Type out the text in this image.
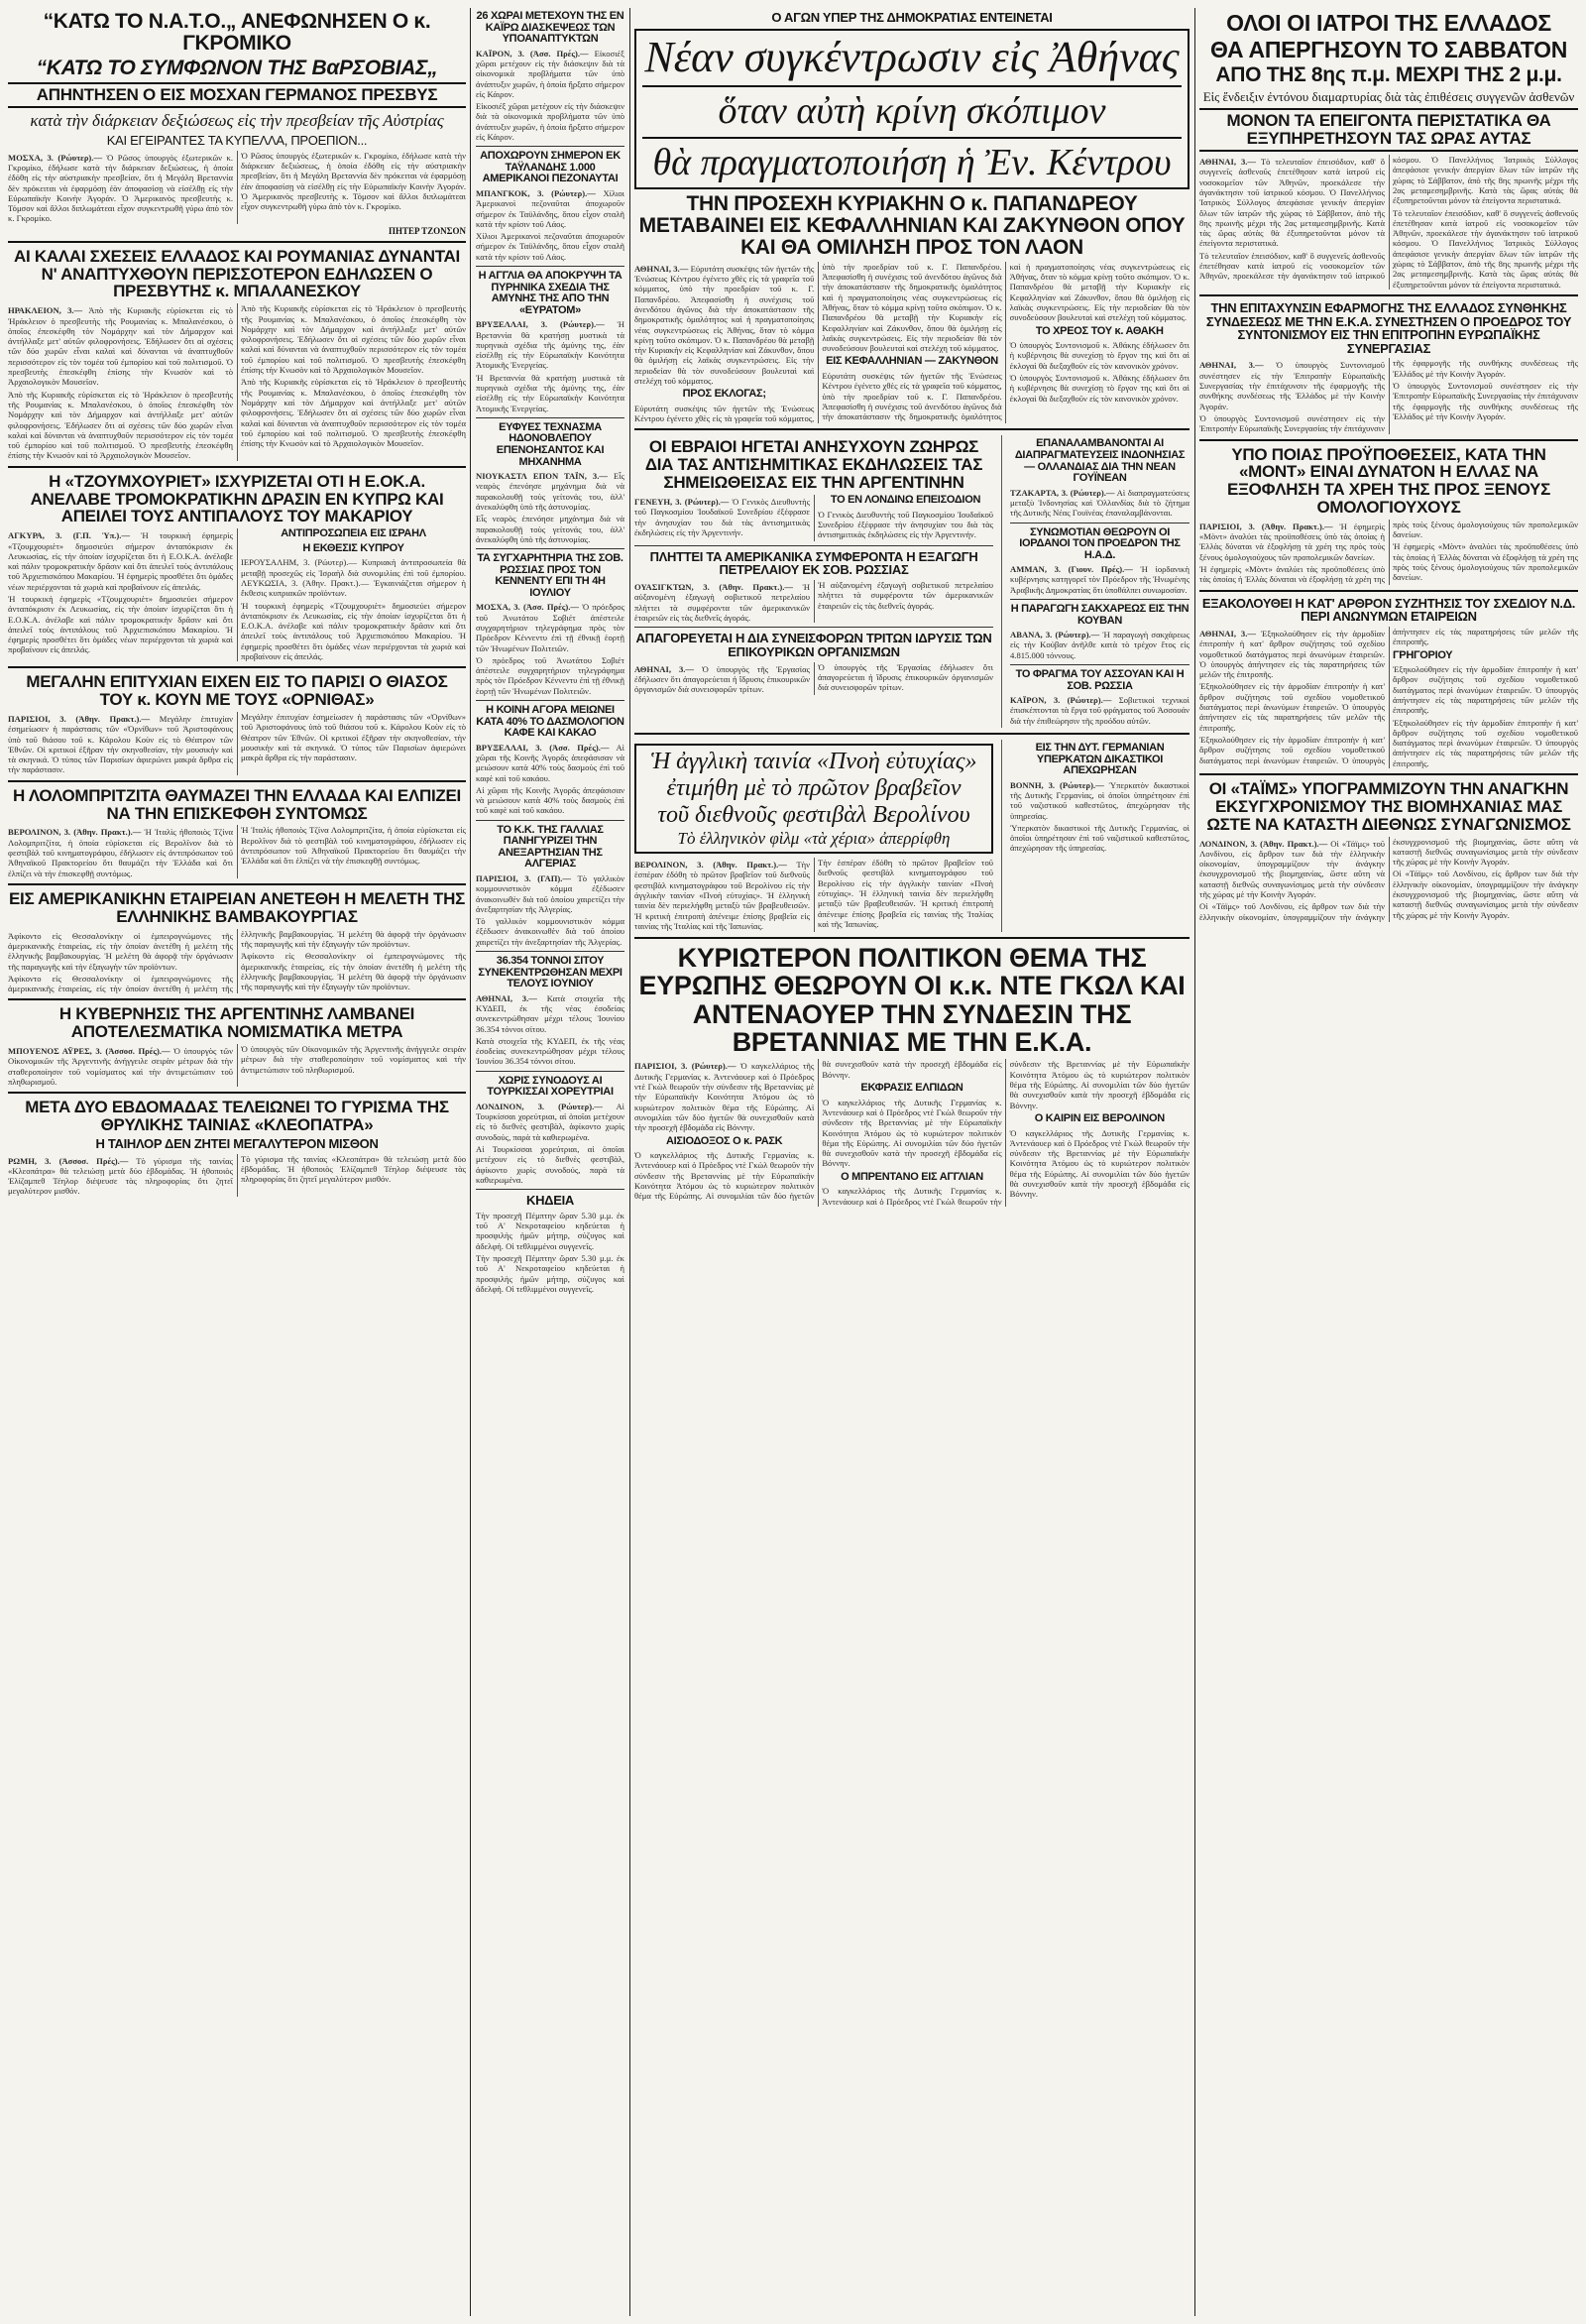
“ΚΑΤΩ ΤΟ Ν.Α.Τ.Ο.„ ΑΝΕΦΩΝΗΣΕΝ Ο κ. ΓΚΡΟΜΙΚΟ
“ΚΑΤΩ ΤΟ ΣΥΜΦΩΝΟΝ ΤΗΣ ΒαΡΣΟΒΙΑΣ„
ΑΠΗΝΤΗΣΕΝ Ο ΕΙΣ ΜΟΣΧΑΝ ΓΕΡΜΑΝΟΣ ΠΡΕΣΒΥΣ
κατὰ τὴν διάρκειαν δεξιώσεως εἰς τὴν πρεσβείαν τῆς Αὐστρίας
ΚΑΙ ΕΓΕΙΡΑΝΤΕΣ ΤΑ ΚΥΠΕΛΛΑ, ΠΡΟΕΠΙΟΝ...

ΜΟΣΧΑ, 3. (Ρώυτερ).— Ὁ Ρῶσος ὑπουργὸς ἐξωτερικῶν κ. Γκρομίκο, ἐδήλωσε κατὰ τὴν διάρκειαν δεξιώσεως, ἡ ὁποία ἐδόθη εἰς τὴν αὐστριακὴν πρεσβείαν, ὅτι ἡ Μεγάλη Βρεταννία δὲν πρόκειται νὰ ἐφαρμόσῃ ἐὰν ἀποφασίσῃ νὰ εἰσέλθῃ εἰς τὴν Εὐρωπαϊκὴν Κοινὴν Ἀγοράν. Ὁ Ἀμερικανὸς πρεσβευτὴς κ. Τόμσον καὶ ἄλλοι διπλωμάτεαι εἶχον συγκεντρωθῆ γύρω ἀπὸ τὸν κ. Γκρομίκο.

Ὁ Ρῶσος ὑπουργὸς ἐξωτερικῶν κ. Γκρομίκο, ἐδήλωσε κατὰ τὴν διάρκειαν δεξιώσεως, ἡ ὁποία ἐδόθη εἰς τὴν αὐστριακὴν πρεσβείαν, ὅτι ἡ Μεγάλη Βρεταννία δὲν πρόκειται νὰ ἐφαρμόσῃ ἐὰν ἀποφασίσῃ νὰ εἰσέλθῃ εἰς τὴν Εὐρωπαϊκὴν Κοινὴν Ἀγοράν. Ὁ Ἀμερικανὸς πρεσβευτὴς κ. Τόμσον καὶ ἄλλοι διπλωμάτεαι εἶχον συγκεντρωθῆ γύρω ἀπὸ τὸν κ. Γκρομίκο.

ΠΗΤΕΡ ΤΖΟΝΣΟΝ
ΑΙ ΚΑΛΑΙ ΣΧΕΣΕΙΣ ΕΛΛΑΔΟΣ ΚΑΙ ΡΟΥΜΑΝΙΑΣ ΔΥΝΑΝΤΑΙ Ν' ΑΝΑΠΤΥΧΘΟΥΝ ΠΕΡΙΣΣΟΤΕΡΟΝ ΕΔΗΛΩΣΕΝ Ο ΠΡΕΣΒΥΤΗΣ κ. ΜΠΑΛΑΝΕΣΚΟΥ

ΗΡΑΚΛΕΙΟΝ, 3.— Ἀπὸ τῆς Κυριακῆς εὑρίσκεται εἰς τὸ Ἡράκλειον ὁ πρεσβευτὴς τῆς Ρουμανίας κ. Μπαλανέσκου, ὁ ὁποῖος ἐπεσκέφθη τὸν Νομάρχην καὶ τὸν Δήμαρχον καὶ ἀντήλλαξε μετ' αὐτῶν φιλοφρονήσεις. Ἐδήλωσεν ὅτι αἱ σχέσεις τῶν δύο χωρῶν εἶναι καλαὶ καὶ δύνανται νὰ ἀναπτυχθοῦν περισσότερον εἰς τὸν τομέα τοῦ ἐμπορίου καὶ τοῦ πολιτισμοῦ. Ὁ πρεσβευτὴς ἐπεσκέφθη ἐπίσης τὴν Κνωσὸν καὶ τὸ Ἀρχαιολογικὸν Μουσεῖον.

Ἀπὸ τῆς Κυριακῆς εὑρίσκεται εἰς τὸ Ἡράκλειον ὁ πρεσβευτὴς τῆς Ρουμανίας κ. Μπαλανέσκου, ὁ ὁποῖος ἐπεσκέφθη τὸν Νομάρχην καὶ τὸν Δήμαρχον καὶ ἀντήλλαξε μετ' αὐτῶν φιλοφρονήσεις. Ἐδήλωσεν ὅτι αἱ σχέσεις τῶν δύο χωρῶν εἶναι καλαὶ καὶ δύνανται νὰ ἀναπτυχθοῦν περισσότερον εἰς τὸν τομέα τοῦ ἐμπορίου καὶ τοῦ πολιτισμοῦ. Ὁ πρεσβευτὴς ἐπεσκέφθη ἐπίσης τὴν Κνωσὸν καὶ τὸ Ἀρχαιολογικὸν Μουσεῖον.

Ἀπὸ τῆς Κυριακῆς εὑρίσκεται εἰς τὸ Ἡράκλειον ὁ πρεσβευτὴς τῆς Ρουμανίας κ. Μπαλανέσκου, ὁ ὁποῖος ἐπεσκέφθη τὸν Νομάρχην καὶ τὸν Δήμαρχον καὶ ἀντήλλαξε μετ' αὐτῶν φιλοφρονήσεις. Ἐδήλωσεν ὅτι αἱ σχέσεις τῶν δύο χωρῶν εἶναι καλαὶ καὶ δύνανται νὰ ἀναπτυχθοῦν περισσότερον εἰς τὸν τομέα τοῦ ἐμπορίου καὶ τοῦ πολιτισμοῦ. Ὁ πρεσβευτὴς ἐπεσκέφθη ἐπίσης τὴν Κνωσὸν καὶ τὸ Ἀρχαιολογικὸν Μουσεῖον.

Ἀπὸ τῆς Κυριακῆς εὑρίσκεται εἰς τὸ Ἡράκλειον ὁ πρεσβευτὴς τῆς Ρουμανίας κ. Μπαλανέσκου, ὁ ὁποῖος ἐπεσκέφθη τὸν Νομάρχην καὶ τὸν Δήμαρχον καὶ ἀντήλλαξε μετ' αὐτῶν φιλοφρονήσεις. Ἐδήλωσεν ὅτι αἱ σχέσεις τῶν δύο χωρῶν εἶναι καλαὶ καὶ δύνανται νὰ ἀναπτυχθοῦν περισσότερον εἰς τὸν τομέα τοῦ ἐμπορίου καὶ τοῦ πολιτισμοῦ. Ὁ πρεσβευτὴς ἐπεσκέφθη ἐπίσης τὴν Κνωσὸν καὶ τὸ Ἀρχαιολογικὸν Μουσεῖον.

Η «ΤΖΟΥΜΧΟΥΡΙΕΤ» ΙΣΧΥΡΙΖΕΤΑΙ ΟΤΙ Η Ε.ΟΚ.Α. ΑΝΕΛΑΒΕ ΤΡΟΜΟΚΡΑΤΙΚΗΝ ΔΡΑΣΙΝ ΕΝ ΚΥΠΡΩ ΚΑΙ ΑΠΕΙΛΕΙ ΤΟΥΣ ΑΝΤΙΠΑΛΟΥΣ ΤΟΥ ΜΑΚΑΡΙΟΥ

ΑΓΚΥΡΑ, 3. (Γ.Π. Ὑπ.).— Ἡ τουρκικὴ ἐφημερὶς «Τζουμχουριὲτ» δημοσιεύει σήμερον ἀνταπόκρισιν ἐκ Λευκωσίας, εἰς τὴν ὁποίαν ἰσχυρίζεται ὅτι ἡ Ε.Ο.Κ.Α. ἀνέλαβε καὶ πάλιν τρομοκρατικὴν δρᾶσιν καὶ ὅτι ἀπειλεῖ τοὺς ἀντιπάλους τοῦ Ἀρχιεπισκόπου Μακαρίου. Ἡ ἐφημερὶς προσθέτει ὅτι ὁμάδες νέων περιέρχονται τὰ χωριὰ καὶ προβαίνουν εἰς ἀπειλάς.

Ἡ τουρκικὴ ἐφημερὶς «Τζουμχουριὲτ» δημοσιεύει σήμερον ἀνταπόκρισιν ἐκ Λευκωσίας, εἰς τὴν ὁποίαν ἰσχυρίζεται ὅτι ἡ Ε.Ο.Κ.Α. ἀνέλαβε καὶ πάλιν τρομοκρατικὴν δρᾶσιν καὶ ὅτι ἀπειλεῖ τοὺς ἀντιπάλους τοῦ Ἀρχιεπισκόπου Μακαρίου. Ἡ ἐφημερὶς προσθέτει ὅτι ὁμάδες νέων περιέρχονται τὰ χωριὰ καὶ προβαίνουν εἰς ἀπειλάς.

ΑΝΤΙΠΡΟΣΩΠΕΙΑ ΕΙΣ ΙΣΡΑΗΛ
Η ΕΚΘΕΣΙΣ ΚΥΠΡΟΥ

ΙΕΡΟΥΣΑΛΗΜ, 3. (Ρώυτερ).— Κυπριακὴ ἀντιπροσωπεία θὰ μεταβῇ προσεχῶς εἰς Ἰσραὴλ διὰ συνομιλίας ἐπὶ τοῦ ἐμπορίου. ΛΕΥΚΩΣΙΑ, 3. (Ἀθην. Πρακτ.).— Ἐγκαινιάζεται σήμερον ἡ ἔκθεσις κυπριακῶν προϊόντων.

Ἡ τουρκικὴ ἐφημερὶς «Τζουμχουριὲτ» δημοσιεύει σήμερον ἀνταπόκρισιν ἐκ Λευκωσίας, εἰς τὴν ὁποίαν ἰσχυρίζεται ὅτι ἡ Ε.Ο.Κ.Α. ἀνέλαβε καὶ πάλιν τρομοκρατικὴν δρᾶσιν καὶ ὅτι ἀπειλεῖ τοὺς ἀντιπάλους τοῦ Ἀρχιεπισκόπου Μακαρίου. Ἡ ἐφημερὶς προσθέτει ὅτι ὁμάδες νέων περιέρχονται τὰ χωριὰ καὶ προβαίνουν εἰς ἀπειλάς.

ΜΕΓΑΛΗΝ ΕΠΙΤΥΧΙΑΝ ΕΙΧΕΝ ΕΙΣ ΤΟ ΠΑΡΙΣΙ Ο ΘΙΑΣΟΣ ΤΟΥ κ. ΚΟΥΝ ΜΕ ΤΟΥΣ «ΟΡΝΙΘΑΣ»

ΠΑΡΙΣΙΟΙ, 3. (Ἀθην. Πρακτ.).— Μεγάλην ἐπιτυχίαν ἐσημείωσεν ἡ παράστασις τῶν «Ὀρνίθων» τοῦ Ἀριστοφάνους ὑπὸ τοῦ θιάσου τοῦ κ. Κάρολου Κοὺν εἰς τὸ Θέατρον τῶν Ἐθνῶν. Οἱ κριτικοὶ ἐξῆραν τὴν σκηνοθεσίαν, τὴν μουσικὴν καὶ τὰ σκηνικά. Ὁ τύπος τῶν Παρισίων ἀφιερώνει μακρὰ ἄρθρα εἰς τὴν παράστασιν.

Μεγάλην ἐπιτυχίαν ἐσημείωσεν ἡ παράστασις τῶν «Ὀρνίθων» τοῦ Ἀριστοφάνους ὑπὸ τοῦ θιάσου τοῦ κ. Κάρολου Κοὺν εἰς τὸ Θέατρον τῶν Ἐθνῶν. Οἱ κριτικοὶ ἐξῆραν τὴν σκηνοθεσίαν, τὴν μουσικὴν καὶ τὰ σκηνικά. Ὁ τύπος τῶν Παρισίων ἀφιερώνει μακρὰ ἄρθρα εἰς τὴν παράστασιν.

Η ΛΟΛΟΜΠΡΙΤΖΙΤΑ ΘΑΥΜΑΖΕΙ ΤΗΝ ΕΛΛΑΔΑ ΚΑΙ ΕΛΠΙΖΕΙ ΝΑ ΤΗΝ ΕΠΙΣΚΕΦΘΗ ΣΥΝΤΟΜΩΣ

ΒΕΡΟΛΙΝΟΝ, 3. (Ἀθην. Πρακτ.).— Ἡ Ἰταλὶς ἠθοποιὸς Τζίνα Λολομπριτζίτα, ἡ ὁποία εὑρίσκεται εἰς Βερολῖνον διὰ τὸ φεστιβὰλ τοῦ κινηματογράφου, ἐδήλωσεν εἰς ἀντιπρόσωπον τοῦ Ἀθηναϊκοῦ Πρακτορείου ὅτι θαυμάζει τὴν Ἑλλάδα καὶ ὅτι ἐλπίζει νὰ τὴν ἐπισκεφθῇ συντόμως.

Ἡ Ἰταλὶς ἠθοποιὸς Τζίνα Λολομπριτζίτα, ἡ ὁποία εὑρίσκεται εἰς Βερολῖνον διὰ τὸ φεστιβὰλ τοῦ κινηματογράφου, ἐδήλωσεν εἰς ἀντιπρόσωπον τοῦ Ἀθηναϊκοῦ Πρακτορείου ὅτι θαυμάζει τὴν Ἑλλάδα καὶ ὅτι ἐλπίζει νὰ τὴν ἐπισκεφθῇ συντόμως.

ΕΙΣ ΑΜΕΡΙΚΑΝΙΚΗΝ ΕΤΑΙΡΕΙΑΝ ΑΝΕΤΕΘΗ Η ΜΕΛΕΤΗ ΤΗΣ ΕΛΛΗΝΙΚΗΣ ΒΑΜΒΑΚΟΥΡΓΙΑΣ

Ἀφίκοντο εἰς Θεσσαλονίκην οἱ ἐμπειρογνώμονες τῆς ἀμερικανικῆς ἑταιρείας, εἰς τὴν ὁποίαν ἀνετέθη ἡ μελέτη τῆς ἑλληνικῆς βαμβακουργίας. Ἡ μελέτη θὰ ἀφορᾷ τὴν ὀργάνωσιν τῆς παραγωγῆς καὶ τὴν ἐξαγωγὴν τῶν προϊόντων.

Ἀφίκοντο εἰς Θεσσαλονίκην οἱ ἐμπειρογνώμονες τῆς ἀμερικανικῆς ἑταιρείας, εἰς τὴν ὁποίαν ἀνετέθη ἡ μελέτη τῆς ἑλληνικῆς βαμβακουργίας. Ἡ μελέτη θὰ ἀφορᾷ τὴν ὀργάνωσιν τῆς παραγωγῆς καὶ τὴν ἐξαγωγὴν τῶν προϊόντων.

Ἀφίκοντο εἰς Θεσσαλονίκην οἱ ἐμπειρογνώμονες τῆς ἀμερικανικῆς ἑταιρείας, εἰς τὴν ὁποίαν ἀνετέθη ἡ μελέτη τῆς ἑλληνικῆς βαμβακουργίας. Ἡ μελέτη θὰ ἀφορᾷ τὴν ὀργάνωσιν τῆς παραγωγῆς καὶ τὴν ἐξαγωγὴν τῶν προϊόντων.

Η ΚΥΒΕΡΝΗΣΙΣ ΤΗΣ ΑΡΓΕΝΤΙΝΗΣ ΛΑΜΒΑΝΕΙ ΑΠΟΤΕΛΕΣΜΑΤΙΚΑ ΝΟΜΙΣΜΑΤΙΚΑ ΜΕΤΡΑ

ΜΠΟΥΕΝΟΣ ΑΫΡΕΣ, 3. (Ἀσσοσ. Πρές).— Ὁ ὑπουργὸς τῶν Οἰκονομικῶν τῆς Ἀργεντινῆς ἀνήγγειλε σειρὰν μέτρων διὰ τὴν σταθεροποίησιν τοῦ νομίσματος καὶ τὴν ἀντιμετώπισιν τοῦ πληθωρισμοῦ.

Ὁ ὑπουργὸς τῶν Οἰκονομικῶν τῆς Ἀργεντινῆς ἀνήγγειλε σειρὰν μέτρων διὰ τὴν σταθεροποίησιν τοῦ νομίσματος καὶ τὴν ἀντιμετώπισιν τοῦ πληθωρισμοῦ.

ΜΕΤΑ ΔΥΟ ΕΒΔΟΜΑΔΑΣ ΤΕΛΕΙΩΝΕΙ ΤΟ ΓΥΡΙΣΜΑ ΤΗΣ ΘΡΥΛΙΚΗΣ ΤΑΙΝΙΑΣ «ΚΛΕΟΠΑΤΡΑ»
Η ΤΑΙΗΛΟΡ ΔΕΝ ΖΗΤΕΙ ΜΕΓΑΛΥΤΕΡΟΝ ΜΙΣΘΟΝ

ΡΩΜΗ, 3. (Ἀσσοσ. Πρές).— Τὸ γύρισμα τῆς ταινίας «Κλεοπάτρα» θὰ τελειώσῃ μετὰ δύο ἑβδομάδας. Ἡ ἠθοποιὸς Ἐλίζαμπεθ Τέηλορ διέψευσε τὰς πληροφορίας ὅτι ζητεῖ μεγαλύτερον μισθόν.

Τὸ γύρισμα τῆς ταινίας «Κλεοπάτρα» θὰ τελειώσῃ μετὰ δύο ἑβδομάδας. Ἡ ἠθοποιὸς Ἐλίζαμπεθ Τέηλορ διέψευσε τὰς πληροφορίας ὅτι ζητεῖ μεγαλύτερον μισθόν.

26 ΧΩΡΑΙ ΜΕΤΕΧΟΥΝ ΤΗΣ ΕΝ ΚΑΪΡΩ ΔΙΑΣΚΕΨΕΩΣ ΤΩΝ ΥΠΟΑΝΑΠΤΥΚΤΩΝ

ΚΑΪΡΟΝ, 3. (Ἀσσ. Πρές).— Εἰκοσιέξ χῶραι μετέχουν εἰς τὴν διάσκεψιν διὰ τὰ οἰκονομικὰ προβλήματα τῶν ὑπὸ ἀνάπτυξιν χωρῶν, ἡ ὁποία ἤρξατο σήμερον εἰς Κάιρον.

Εἰκοσιέξ χῶραι μετέχουν εἰς τὴν διάσκεψιν διὰ τὰ οἰκονομικὰ προβλήματα τῶν ὑπὸ ἀνάπτυξιν χωρῶν, ἡ ὁποία ἤρξατο σήμερον εἰς Κάιρον.

ΑΠΟΧΩΡΟΥΝ ΣΗΜΕΡΟΝ ΕΚ ΤΑΫΛΑΝΔΗΣ 1.000 ΑΜΕΡΙΚΑΝΟΙ ΠΕΖΟΝΑΥΤΑΙ

ΜΠΑΝΓΚΟΚ, 3. (Ρώυτερ).— Χίλιοι Ἀμερικανοὶ πεζοναῦται ἀποχωροῦν σήμερον ἐκ Ταϋλάνδης, ὅπου εἶχον σταλῆ κατὰ τὴν κρίσιν τοῦ Λάος.

Χίλιοι Ἀμερικανοὶ πεζοναῦται ἀποχωροῦν σήμερον ἐκ Ταϋλάνδης, ὅπου εἶχον σταλῆ κατὰ τὴν κρίσιν τοῦ Λάος.

Η ΑΓΓΛΙΑ ΘΑ ΑΠΟΚΡΥΨΗ ΤΑ ΠΥΡΗΝΙΚΑ ΣΧΕΔΙΑ ΤΗΣ ΑΜΥΝΗΣ ΤΗΣ ΑΠΟ ΤΗΝ «ΕΥΡΑΤΟΜ»

ΒΡΥΞΕΛΛΑΙ, 3. (Ρώυτερ).— Ἡ Βρεταννία θὰ κρατήσῃ μυστικὰ τὰ πυρηνικὰ σχέδια τῆς ἀμύνης της, ἐὰν εἰσέλθῃ εἰς τὴν Εὐρωπαϊκὴν Κοινότητα Ἀτομικῆς Ἐνεργείας.

Ἡ Βρεταννία θὰ κρατήσῃ μυστικὰ τὰ πυρηνικὰ σχέδια τῆς ἀμύνης της, ἐὰν εἰσέλθῃ εἰς τὴν Εὐρωπαϊκὴν Κοινότητα Ἀτομικῆς Ἐνεργείας.

ΕΥΦΥΕΣ ΤΕΧΝΑΣΜΑ ΗΔΟΝΟΒΛΕΠΟΥ ΕΠΕΝΟΗΣΑΝΤΟΣ ΚΑΙ ΜΗΧΑΝΗΜΑ

ΝΙΟΥΚΑΣΤΛ ΕΠΟΝ ΤΑΪΝ, 3.— Εἷς νεαρὸς ἐπενόησε μηχάνημα διὰ νὰ παρακολουθῇ τοὺς γείτονάς του, ἀλλ' ἀνεκαλύφθη ὑπὸ τῆς ἀστυνομίας.

Εἷς νεαρὸς ἐπενόησε μηχάνημα διὰ νὰ παρακολουθῇ τοὺς γείτονάς του, ἀλλ' ἀνεκαλύφθη ὑπὸ τῆς ἀστυνομίας.

ΤΑ ΣΥΓΧΑΡΗΤΗΡΙΑ ΤΗΣ ΣΟΒ. ΡΩΣΣΙΑΣ ΠΡΟΣ ΤΟΝ ΚΕΝΝΕΝΤΥ ΕΠΙ ΤΗ 4Η ΙΟΥΛΙΟΥ

ΜΟΣΧΑ, 3. (Ἀσσ. Πρές).— Ὁ πρόεδρος τοῦ Ἀνωτάτου Σοβιέτ ἀπέστειλε συγχαρητήριον τηλεγράφημα πρὸς τὸν Πρόεδρον Κέννεντυ ἐπὶ τῇ ἐθνικῇ ἑορτῇ τῶν Ἡνωμένων Πολιτειῶν.

Ὁ πρόεδρος τοῦ Ἀνωτάτου Σοβιέτ ἀπέστειλε συγχαρητήριον τηλεγράφημα πρὸς τὸν Πρόεδρον Κέννεντυ ἐπὶ τῇ ἐθνικῇ ἑορτῇ τῶν Ἡνωμένων Πολιτειῶν.

Η ΚΟΙΝΗ ΑΓΟΡΑ ΜΕΙΩΝΕΙ ΚΑΤΑ 40% ΤΟ ΔΑΣΜΟΛΟΓΙΟΝ ΚΑΦΕ ΚΑΙ ΚΑΚΑΟ

ΒΡΥΞΕΛΛΑΙ, 3. (Ἀσσ. Πρές).— Αἱ χῶραι τῆς Κοινῆς Ἀγορᾶς ἀπεφάσισαν νὰ μειώσουν κατὰ 40% τοὺς δασμοὺς ἐπὶ τοῦ καφὲ καὶ τοῦ κακάου.

Αἱ χῶραι τῆς Κοινῆς Ἀγορᾶς ἀπεφάσισαν νὰ μειώσουν κατὰ 40% τοὺς δασμοὺς ἐπὶ τοῦ καφὲ καὶ τοῦ κακάου.

ΤΟ Κ.Κ. ΤΗΣ ΓΑΛΛΙΑΣ ΠΑΝΗΓΥΡΙΖΕΙ ΤΗΝ ΑΝΕΞΑΡΤΗΣΙΑΝ ΤΗΣ ΑΛΓΕΡΙΑΣ

ΠΑΡΙΣΙΟΙ, 3. (ΓΑΠ).— Τὸ γαλλικὸν κομμουνιστικὸν κόμμα ἐξέδωσεν ἀνακοινωθὲν διὰ τοῦ ὁποίου χαιρετίζει τὴν ἀνεξαρτησίαν τῆς Ἀλγερίας.

Τὸ γαλλικὸν κομμουνιστικὸν κόμμα ἐξέδωσεν ἀνακοινωθὲν διὰ τοῦ ὁποίου χαιρετίζει τὴν ἀνεξαρτησίαν τῆς Ἀλγερίας.

36.354 ΤΟΝΝΟΙ ΣΙΤΟΥ ΣΥΝΕΚΕΝΤΡΩΘΗΣΑΝ ΜΕΧΡΙ ΤΕΛΟΥΣ ΙΟΥΝΙΟΥ

ΑΘΗΝΑΙ, 3.— Κατὰ στοιχεῖα τῆς ΚΥΔΕΠ, ἐκ τῆς νέας ἐσοδείας συνεκεντρώθησαν μέχρι τέλους Ἰουνίου 36.354 τόννοι σίτου.

Κατὰ στοιχεῖα τῆς ΚΥΔΕΠ, ἐκ τῆς νέας ἐσοδείας συνεκεντρώθησαν μέχρι τέλους Ἰουνίου 36.354 τόννοι σίτου.

ΧΩΡΙΣ ΣΥΝΟΔΟΥΣ ΑΙ ΤΟΥΡΚΙΣΣΑΙ ΧΟΡΕΥΤΡΙΑΙ

ΛΟΝΔΙΝΟΝ, 3. (Ρώυτερ).— Αἱ Τουρκίσσαι χορεύτριαι, αἱ ὁποῖαι μετέχουν εἰς τὸ διεθνὲς φεστιβὰλ, ἀφίκοντο χωρὶς συνοδούς, παρὰ τὰ καθιερωμένα.

Αἱ Τουρκίσσαι χορεύτριαι, αἱ ὁποῖαι μετέχουν εἰς τὸ διεθνὲς φεστιβὰλ, ἀφίκοντο χωρὶς συνοδούς, παρὰ τὰ καθιερωμένα.

ΚΗΔΕΙΑ

Τὴν προσεχῆ Πέμπτην ὥραν 5.30 μ.μ. ἐκ τοῦ Α' Νεκροταφείου κηδεύεται ἡ προσφιλὴς ἡμῶν μήτηρ, σύζυγος καὶ ἀδελφή. Οἱ τεθλιμμένοι συγγενεῖς.

Τὴν προσεχῆ Πέμπτην ὥραν 5.30 μ.μ. ἐκ τοῦ Α' Νεκροταφείου κηδεύεται ἡ προσφιλὴς ἡμῶν μήτηρ, σύζυγος καὶ ἀδελφή. Οἱ τεθλιμμένοι συγγενεῖς.

Ο ΑΓΩΝ ΥΠΕΡ ΤΗΣ ΔΗΜΟΚΡΑΤΙΑΣ ΕΝΤΕΙΝΕΤΑΙ
Νέαν συγκέντρωσιν εἰς Ἀθήνας
ὅταν αὐτὴ κρίνη σκόπιμον
θὰ πραγματοποιήση ἡ Ἐν. Κέντρου
ΤΗΝ ΠΡΟΣΕΧΗ ΚΥΡΙΑΚΗΝ Ο κ. ΠΑΠΑΝΔΡΕΟΥ ΜΕΤΑΒΑΙΝΕΙ ΕΙΣ ΚΕΦΑΛΛΗΝΙΑΝ ΚΑΙ ΖΑΚΥΝΘΟΝ ΟΠΟΥ ΚΑΙ ΘΑ ΟΜΙΛΗΣΗ ΠΡΟΣ ΤΟΝ ΛΑΟΝ

ΑΘΗΝΑΙ, 3.— Εὐρυτάτη συσκέψις τῶν ἡγετῶν τῆς Ἐνώσεως Κέντρου ἐγένετο χθὲς εἰς τὰ γραφεῖα τοῦ κόμματος, ὑπὸ τὴν προεδρίαν τοῦ κ. Γ. Παπανδρέου. Ἀπεφασίσθη ἡ συνέχισις τοῦ ἀνενδότου ἀγῶνος διὰ τὴν ἀποκατάστασιν τῆς δημοκρατικῆς ὁμαλότητος καὶ ἡ πραγματοποίησις νέας συγκεντρώσεως εἰς Ἀθήνας, ὅταν τὸ κόμμα κρίνῃ τοῦτο σκόπιμον. Ὁ κ. Παπανδρέου θὰ μεταβῇ τὴν Κυριακὴν εἰς Κεφαλληνίαν καὶ Ζάκυνθον, ὅπου θὰ ὁμιλήσῃ εἰς λαϊκὰς συγκεντρώσεις. Εἰς τὴν περιοδείαν θὰ τὸν συνοδεύσουν βουλευταὶ καὶ στελέχη τοῦ κόμματος.

ΠΡΟΣ ΕΚΛΟΓΑΣ;

Εὐρυτάτη συσκέψις τῶν ἡγετῶν τῆς Ἐνώσεως Κέντρου ἐγένετο χθὲς εἰς τὰ γραφεῖα τοῦ κόμματος, ὑπὸ τὴν προεδρίαν τοῦ κ. Γ. Παπανδρέου. Ἀπεφασίσθη ἡ συνέχισις τοῦ ἀνενδότου ἀγῶνος διὰ τὴν ἀποκατάστασιν τῆς δημοκρατικῆς ὁμαλότητος καὶ ἡ πραγματοποίησις νέας συγκεντρώσεως εἰς Ἀθήνας, ὅταν τὸ κόμμα κρίνῃ τοῦτο σκόπιμον. Ὁ κ. Παπανδρέου θὰ μεταβῇ τὴν Κυριακὴν εἰς Κεφαλληνίαν καὶ Ζάκυνθον, ὅπου θὰ ὁμιλήσῃ εἰς λαϊκὰς συγκεντρώσεις. Εἰς τὴν περιοδείαν θὰ τὸν συνοδεύσουν βουλευταὶ καὶ στελέχη τοῦ κόμματος.

ΕΙΣ ΚΕΦΑΛΛΗΝΙΑΝ — ΖΑΚΥΝΘΟΝ

Εὐρυτάτη συσκέψις τῶν ἡγετῶν τῆς Ἐνώσεως Κέντρου ἐγένετο χθὲς εἰς τὰ γραφεῖα τοῦ κόμματος, ὑπὸ τὴν προεδρίαν τοῦ κ. Γ. Παπανδρέου. Ἀπεφασίσθη ἡ συνέχισις τοῦ ἀνενδότου ἀγῶνος διὰ τὴν ἀποκατάστασιν τῆς δημοκρατικῆς ὁμαλότητος καὶ ἡ πραγματοποίησις νέας συγκεντρώσεως εἰς Ἀθήνας, ὅταν τὸ κόμμα κρίνῃ τοῦτο σκόπιμον. Ὁ κ. Παπανδρέου θὰ μεταβῇ τὴν Κυριακὴν εἰς Κεφαλληνίαν καὶ Ζάκυνθον, ὅπου θὰ ὁμιλήσῃ εἰς λαϊκὰς συγκεντρώσεις. Εἰς τὴν περιοδείαν θὰ τὸν συνοδεύσουν βουλευταὶ καὶ στελέχη τοῦ κόμματος.

ΤΟ ΧΡΕΟΣ ΤΟΥ κ. ΑΘΑΚΗ

Ὁ ὑπουργὸς Συντονισμοῦ κ. Ἀθάκης ἐδήλωσεν ὅτι ἡ κυβέρνησις θὰ συνεχίσῃ τὸ ἔργον της καὶ ὅτι αἱ ἐκλογαὶ θὰ διεξαχθοῦν εἰς τὸν κανονικὸν χρόνον.

Ὁ ὑπουργὸς Συντονισμοῦ κ. Ἀθάκης ἐδήλωσεν ὅτι ἡ κυβέρνησις θὰ συνεχίσῃ τὸ ἔργον της καὶ ὅτι αἱ ἐκλογαὶ θὰ διεξαχθοῦν εἰς τὸν κανονικὸν χρόνον.

ΟΙ ΕΒΡΑΙΟΙ ΗΓΕΤΑΙ ΑΝΗΣΥΧΟΥΝ ΖΩΗΡΩΣ ΔΙΑ ΤΑΣ ΑΝΤΙΣΗΜΙΤΙΚΑΣ ΕΚΔΗΛΩΣΕΙΣ ΤΑΣ ΣΗΜΕΙΩΘΕΙΣΑΣ ΕΙΣ ΤΗΝ ΑΡΓΕΝΤΙΝΗΝ

ΓΕΝΕΥΗ, 3. (Ρώυτερ).— Ὁ Γενικὸς Διευθυντὴς τοῦ Παγκοσμίου Ἰουδαϊκοῦ Συνεδρίου ἐξέφρασε τὴν ἀνησυχίαν του διὰ τὰς ἀντισημιτικὰς ἐκδηλώσεις εἰς τὴν Ἀργεντινήν.

ΤΟ ΕΝ ΛΟΝΔΙΝΩ ΕΠΕΙΣΟΔΙΟΝ

Ὁ Γενικὸς Διευθυντὴς τοῦ Παγκοσμίου Ἰουδαϊκοῦ Συνεδρίου ἐξέφρασε τὴν ἀνησυχίαν του διὰ τὰς ἀντισημιτικὰς ἐκδηλώσεις εἰς τὴν Ἀργεντινήν.

ΠΛΗΤΤΕΙ ΤΑ ΑΜΕΡΙΚΑΝΙΚΑ ΣΥΜΦΕΡΟΝΤΑ Η ΕΞΑΓΩΓΗ ΠΕΤΡΕΛΑΙΟΥ ΕΚ ΣΟΒ. ΡΩΣΣΙΑΣ

ΟΥΑΣΙΓΚΤΩΝ, 3. (Ἀθην. Πρακτ.).— Ἡ αὐξανομένη ἐξαγωγὴ σοβιετικοῦ πετρελαίου πλήττει τὰ συμφέροντα τῶν ἀμερικανικῶν ἑταιρειῶν εἰς τὰς διεθνεῖς ἀγοράς.

Ἡ αὐξανομένη ἐξαγωγὴ σοβιετικοῦ πετρελαίου πλήττει τὰ συμφέροντα τῶν ἀμερικανικῶν ἑταιρειῶν εἰς τὰς διεθνεῖς ἀγοράς.

ΑΠΑΓΟΡΕΥΕΤΑΙ Η ΔΙΑ ΣΥΝΕΙΣΦΟΡΩΝ ΤΡΙΤΩΝ ΙΔΡΥΣΙΣ ΤΩΝ ΕΠΙΚΟΥΡΙΚΩΝ ΟΡΓΑΝΙΣΜΩΝ

ΑΘΗΝΑΙ, 3.— Ὁ ὑπουργὸς τῆς Ἐργασίας ἐδήλωσεν ὅτι ἀπαγορεύεται ἡ ἵδρυσις ἐπικουρικῶν ὀργανισμῶν διὰ συνεισφορῶν τρίτων.

Ὁ ὑπουργὸς τῆς Ἐργασίας ἐδήλωσεν ὅτι ἀπαγορεύεται ἡ ἵδρυσις ἐπικουρικῶν ὀργανισμῶν διὰ συνεισφορῶν τρίτων.

ΕΠΑΝΑΛΑΜΒΑΝΟΝΤΑΙ ΑΙ ΔΙΑΠΡΑΓΜΑΤΕΥΣΕΙΣ ΙΝΔΟΝΗΣΙΑΣ — ΟΛΛΑΝΔΙΑΣ ΔΙΑ ΤΗΝ ΝΕΑΝ ΓΟΥΪΝΕΑΝ

ΤΖΑΚΑΡΤΑ, 3. (Ρώυτερ).— Αἱ διαπραγματεύσεις μεταξὺ Ἰνδονησίας καὶ Ὀλλανδίας διὰ τὸ ζήτημα τῆς Δυτικῆς Νέας Γουϊνέας ἐπαναλαμβάνονται.

ΣΥΝΩΜΟΤΙΑΝ ΘΕΩΡΟΥΝ ΟΙ ΙΟΡΔΑΝΟΙ ΤΟΝ ΠΡΟΕΔΡΟΝ ΤΗΣ Η.Α.Δ.

ΑΜΜΑΝ, 3. (Γιουν. Πρές).— Ἡ ἰορδανικὴ κυβέρνησις κατηγορεῖ τὸν Πρόεδρον τῆς Ἡνωμένης Ἀραβικῆς Δημοκρατίας ὅτι ὑποθάλπει συνωμοσίαν.

Η ΠΑΡΑΓΩΓΗ ΣΑΚΧΑΡΕΩΣ ΕΙΣ ΤΗΝ ΚΟΥΒΑΝ

ΑΒΑΝΑ, 3. (Ρώυτερ).— Ἡ παραγωγὴ σακχάρεως εἰς τὴν Κούβαν ἀνῆλθε κατὰ τὸ τρέχον ἔτος εἰς 4.815.000 τόννους.

ΤΟ ΦΡΑΓΜΑ ΤΟΥ ΑΣΣΟΥΑΝ ΚΑΙ Η ΣΟΒ. ΡΩΣΣΙΑ

ΚΑΪΡΟΝ, 3. (Ρώυτερ).— Σοβιετικοὶ τεχνικοὶ ἐπισκέπτονται τὰ ἔργα τοῦ φράγματος τοῦ Ἀσσουάν διὰ τὴν ἐπιθεώρησιν τῆς προόδου αὐτῶν.

Ἡ ἀγγλικὴ ταινία «Πνοὴ εὐτυχίας»
ἐτιμήθη μὲ τὸ πρῶτον βραβεῖον
τοῦ διεθνοῦς φεστιβὰλ Βερολίνου
Τὸ ἑλληνικὸν φὶλμ «τὰ χέρια» ἀπερρίφθη

ΒΕΡΟΛΙΝΟΝ, 3. (Ἀθην. Πρακτ.).— Τὴν ἑσπέραν ἐδόθη τὸ πρῶτον βραβεῖον τοῦ διεθνοῦς φεστιβὰλ κινηματογράφου τοῦ Βερολίνου εἰς τὴν ἀγγλικὴν ταινίαν «Πνοὴ εὐτυχίας». Ἡ ἑλληνικὴ ταινία δὲν περιελήφθη μεταξὺ τῶν βραβευθεισῶν. Ἡ κριτικὴ ἐπιτροπὴ ἀπένειμε ἐπίσης βραβεῖα εἰς ταινίας τῆς Ἰταλίας καὶ τῆς Ἰαπωνίας.

Τὴν ἑσπέραν ἐδόθη τὸ πρῶτον βραβεῖον τοῦ διεθνοῦς φεστιβὰλ κινηματογράφου τοῦ Βερολίνου εἰς τὴν ἀγγλικὴν ταινίαν «Πνοὴ εὐτυχίας». Ἡ ἑλληνικὴ ταινία δὲν περιελήφθη μεταξὺ τῶν βραβευθεισῶν. Ἡ κριτικὴ ἐπιτροπὴ ἀπένειμε ἐπίσης βραβεῖα εἰς ταινίας τῆς Ἰταλίας καὶ τῆς Ἰαπωνίας.

ΕΙΣ ΤΗΝ ΔΥΤ. ΓΕΡΜΑΝΙΑΝ ΥΠΕΡΚΑΤΩΝ ΔΙΚΑΣΤΙΚΟΙ ΑΠΕΧΩΡΗΣΑΝ

ΒΟΝΝΗ, 3. (Ρώυτερ).— Ὑπερκατὸν δικαστικοὶ τῆς Δυτικῆς Γερμανίας, οἱ ὁποῖοι ὑπηρέτησαν ἐπὶ τοῦ ναζιστικοῦ καθεστῶτος, ἀπεχώρησαν τῆς ὑπηρεσίας.

Ὑπερκατὸν δικαστικοὶ τῆς Δυτικῆς Γερμανίας, οἱ ὁποῖοι ὑπηρέτησαν ἐπὶ τοῦ ναζιστικοῦ καθεστῶτος, ἀπεχώρησαν τῆς ὑπηρεσίας.

ΚΥΡΙΩΤΕΡΟΝ ΠΟΛΙΤΙΚΟΝ ΘΕΜΑ ΤΗΣ ΕΥΡΩΠΗΣ ΘΕΩΡΟΥΝ ΟΙ κ.κ. ΝΤΕ ΓΚΩΛ ΚΑΙ ΑΝΤΕΝΑΟΥΕΡ ΤΗΝ ΣΥΝΔΕΣΙΝ ΤΗΣ ΒΡΕΤΑΝΝΙΑΣ ΜΕ ΤΗΝ Ε.Κ.Α.

ΠΑΡΙΣΙΟΙ, 3. (Ρώυτερ).— Ὁ καγκελλάριος τῆς Δυτικῆς Γερμανίας κ. Ἀντενάουερ καὶ ὁ Πρόεδρος ντὲ Γκὼλ θεωροῦν τὴν σύνδεσιν τῆς Βρεταννίας μὲ τὴν Εὐρωπαϊκὴν Κοινότητα Ἀτόμου ὡς τὸ κυριώτερον πολιτικὸν θέμα τῆς Εὐρώπης. Αἱ συνομιλίαι τῶν δύο ἡγετῶν θὰ συνεχισθοῦν κατὰ τὴν προσεχῆ ἑβδομάδα εἰς Βόννην.

ΑΙΣΙΟΔΟΞΟΣ Ο κ. ΡΑΣΚ

Ὁ καγκελλάριος τῆς Δυτικῆς Γερμανίας κ. Ἀντενάουερ καὶ ὁ Πρόεδρος ντὲ Γκὼλ θεωροῦν τὴν σύνδεσιν τῆς Βρεταννίας μὲ τὴν Εὐρωπαϊκὴν Κοινότητα Ἀτόμου ὡς τὸ κυριώτερον πολιτικὸν θέμα τῆς Εὐρώπης. Αἱ συνομιλίαι τῶν δύο ἡγετῶν θὰ συνεχισθοῦν κατὰ τὴν προσεχῆ ἑβδομάδα εἰς Βόννην.

ΕΚΦΡΑΣΙΣ ΕΛΠΙΔΩΝ

Ὁ καγκελλάριος τῆς Δυτικῆς Γερμανίας κ. Ἀντενάουερ καὶ ὁ Πρόεδρος ντὲ Γκὼλ θεωροῦν τὴν σύνδεσιν τῆς Βρεταννίας μὲ τὴν Εὐρωπαϊκὴν Κοινότητα Ἀτόμου ὡς τὸ κυριώτερον πολιτικὸν θέμα τῆς Εὐρώπης. Αἱ συνομιλίαι τῶν δύο ἡγετῶν θὰ συνεχισθοῦν κατὰ τὴν προσεχῆ ἑβδομάδα εἰς Βόννην.

Ο ΜΠΡΕΝΤΑΝΟ ΕΙΣ ΑΓΓΛΙΑΝ

Ὁ καγκελλάριος τῆς Δυτικῆς Γερμανίας κ. Ἀντενάουερ καὶ ὁ Πρόεδρος ντὲ Γκὼλ θεωροῦν τὴν σύνδεσιν τῆς Βρεταννίας μὲ τὴν Εὐρωπαϊκὴν Κοινότητα Ἀτόμου ὡς τὸ κυριώτερον πολιτικὸν θέμα τῆς Εὐρώπης. Αἱ συνομιλίαι τῶν δύο ἡγετῶν θὰ συνεχισθοῦν κατὰ τὴν προσεχῆ ἑβδομάδα εἰς Βόννην.

Ο ΚΑΙΡΙΝ ΕΙΣ ΒΕΡΟΛΙΝΟΝ

Ὁ καγκελλάριος τῆς Δυτικῆς Γερμανίας κ. Ἀντενάουερ καὶ ὁ Πρόεδρος ντὲ Γκὼλ θεωροῦν τὴν σύνδεσιν τῆς Βρεταννίας μὲ τὴν Εὐρωπαϊκὴν Κοινότητα Ἀτόμου ὡς τὸ κυριώτερον πολιτικὸν θέμα τῆς Εὐρώπης. Αἱ συνομιλίαι τῶν δύο ἡγετῶν θὰ συνεχισθοῦν κατὰ τὴν προσεχῆ ἑβδομάδα εἰς Βόννην.

ΟΛΟΙ ΟΙ ΙΑΤΡΟΙ ΤΗΣ ΕΛΛΑΔΟΣ
ΘΑ ΑΠΕΡΓΗΣΟΥΝ ΤΟ ΣΑΒΒΑΤΟΝ
ΑΠΟ ΤΗΣ 8ης π.μ. ΜΕΧΡΙ ΤΗΣ 2 μ.μ.
Εἰς ἔνδειξιν ἐντόνου διαμαρτυρίας διὰ τὰς ἐπιθέσεις συγγενῶν ἀσθενῶν
ΜΟΝΟΝ ΤΑ ΕΠΕΙΓΟΝΤΑ ΠΕΡΙΣΤΑΤΙΚΑ ΘΑ ΕΞΥΠΗΡΕΤΗΣΟΥΝ ΤΑΣ ΩΡΑΣ ΑΥΤΑΣ

ΑΘΗΝΑΙ, 3.— Τὸ τελευταῖον ἐπεισόδιον, καθ' ὃ συγγενεῖς ἀσθενοῦς ἐπετέθησαν κατὰ ἰατροῦ εἰς νοσοκομεῖον τῶν Ἀθηνῶν, προεκάλεσε τὴν ἀγανάκτησιν τοῦ ἰατρικοῦ κόσμου. Ὁ Πανελλήνιος Ἰατρικὸς Σύλλογος ἀπεφάσισε γενικὴν ἀπεργίαν ὅλων τῶν ἰατρῶν τῆς χώρας τὸ Σάββατον, ἀπὸ τῆς 8ης πρωινῆς μέχρι τῆς 2ας μεταμεσημβρινῆς. Κατὰ τὰς ὥρας αὐτὰς θὰ ἐξυπηρετοῦνται μόνον τὰ ἐπείγοντα περιστατικά.

Τὸ τελευταῖον ἐπεισόδιον, καθ' ὃ συγγενεῖς ἀσθενοῦς ἐπετέθησαν κατὰ ἰατροῦ εἰς νοσοκομεῖον τῶν Ἀθηνῶν, προεκάλεσε τὴν ἀγανάκτησιν τοῦ ἰατρικοῦ κόσμου. Ὁ Πανελλήνιος Ἰατρικὸς Σύλλογος ἀπεφάσισε γενικὴν ἀπεργίαν ὅλων τῶν ἰατρῶν τῆς χώρας τὸ Σάββατον, ἀπὸ τῆς 8ης πρωινῆς μέχρι τῆς 2ας μεταμεσημβρινῆς. Κατὰ τὰς ὥρας αὐτὰς θὰ ἐξυπηρετοῦνται μόνον τὰ ἐπείγοντα περιστατικά.

Τὸ τελευταῖον ἐπεισόδιον, καθ' ὃ συγγενεῖς ἀσθενοῦς ἐπετέθησαν κατὰ ἰατροῦ εἰς νοσοκομεῖον τῶν Ἀθηνῶν, προεκάλεσε τὴν ἀγανάκτησιν τοῦ ἰατρικοῦ κόσμου. Ὁ Πανελλήνιος Ἰατρικὸς Σύλλογος ἀπεφάσισε γενικὴν ἀπεργίαν ὅλων τῶν ἰατρῶν τῆς χώρας τὸ Σάββατον, ἀπὸ τῆς 8ης πρωινῆς μέχρι τῆς 2ας μεταμεσημβρινῆς. Κατὰ τὰς ὥρας αὐτὰς θὰ ἐξυπηρετοῦνται μόνον τὰ ἐπείγοντα περιστατικά.

ΤΗΝ ΕΠΙΤΑΧΥΝΣΙΝ ΕΦΑΡΜΟΓΗΣ ΤΗΣ ΕΛΛΑΔΟΣ ΣΥΝΘΗΚΗΣ ΣΥΝΔΕΣΕΩΣ ΜΕ ΤΗΝ Ε.Κ.Α. ΣΥΝΕΣΤΗΣΕΝ Ο ΠΡΟΕΔΡΟΣ ΤΟΥ ΣΥΝΤΟΝΙΣΜΟΥ ΕΙΣ ΤΗΝ ΕΠΙΤΡΟΠΗΝ ΕΥΡΩΠΑΪΚΗΣ ΣΥΝΕΡΓΑΣΙΑΣ

ΑΘΗΝΑΙ, 3.— Ὁ ὑπουργὸς Συντονισμοῦ συνέστησεν εἰς τὴν Ἐπιτροπὴν Εὐρωπαϊκῆς Συνεργασίας τὴν ἐπιτάχυνσιν τῆς ἐφαρμογῆς τῆς συνθήκης συνδέσεως τῆς Ἑλλάδος μὲ τὴν Κοινὴν Ἀγοράν.

Ὁ ὑπουργὸς Συντονισμοῦ συνέστησεν εἰς τὴν Ἐπιτροπὴν Εὐρωπαϊκῆς Συνεργασίας τὴν ἐπιτάχυνσιν τῆς ἐφαρμογῆς τῆς συνθήκης συνδέσεως τῆς Ἑλλάδος μὲ τὴν Κοινὴν Ἀγοράν.

Ὁ ὑπουργὸς Συντονισμοῦ συνέστησεν εἰς τὴν Ἐπιτροπὴν Εὐρωπαϊκῆς Συνεργασίας τὴν ἐπιτάχυνσιν τῆς ἐφαρμογῆς τῆς συνθήκης συνδέσεως τῆς Ἑλλάδος μὲ τὴν Κοινὴν Ἀγοράν.

ΥΠΟ ΠΟΙΑΣ ΠΡΟΫΠΟΘΕΣΕΙΣ, ΚΑΤΑ ΤΗΝ «ΜΟΝΤ» ΕΙΝΑΙ ΔΥΝΑΤΟΝ Η ΕΛΛΑΣ ΝΑ ΕΞΟΦΛΗΣΗ ΤΑ ΧΡΕΗ ΤΗΣ ΠΡΟΣ ΞΕΝΟΥΣ ΟΜΟΛΟΓΙΟΥΧΟΥΣ

ΠΑΡΙΣΙΟΙ, 3. (Ἀθην. Πρακτ.).— Ἡ ἐφημερὶς «Μὸντ» ἀναλύει τὰς προϋποθέσεις ὑπὸ τὰς ὁποίας ἡ Ἑλλὰς δύναται νὰ ἐξοφλήσῃ τὰ χρέη της πρὸς τοὺς ξένους ὁμολογιούχους τῶν προπολεμικῶν δανείων.

Ἡ ἐφημερὶς «Μὸντ» ἀναλύει τὰς προϋποθέσεις ὑπὸ τὰς ὁποίας ἡ Ἑλλὰς δύναται νὰ ἐξοφλήσῃ τὰ χρέη της πρὸς τοὺς ξένους ὁμολογιούχους τῶν προπολεμικῶν δανείων.

Ἡ ἐφημερὶς «Μὸντ» ἀναλύει τὰς προϋποθέσεις ὑπὸ τὰς ὁποίας ἡ Ἑλλὰς δύναται νὰ ἐξοφλήσῃ τὰ χρέη της πρὸς τοὺς ξένους ὁμολογιούχους τῶν προπολεμικῶν δανείων.

ΕΞΑΚΟΛΟΥΘΕΙ Η ΚΑΤ' ΑΡΘΡΟΝ ΣΥΖΗΤΗΣΙΣ ΤΟΥ ΣΧΕΔΙΟΥ Ν.Δ. ΠΕΡΙ ΑΝΩΝΥΜΩΝ ΕΤΑΙΡΕΙΩΝ

ΑΘΗΝΑΙ, 3.— Ἐξηκολούθησεν εἰς τὴν ἁρμοδίαν ἐπιτροπὴν ἡ κατ' ἄρθρον συζήτησις τοῦ σχεδίου νομοθετικοῦ διατάγματος περὶ ἀνωνύμων ἑταιρειῶν. Ὁ ὑπουργὸς ἀπήντησεν εἰς τὰς παρατηρήσεις τῶν μελῶν τῆς ἐπιτροπῆς.

Ἐξηκολούθησεν εἰς τὴν ἁρμοδίαν ἐπιτροπὴν ἡ κατ' ἄρθρον συζήτησις τοῦ σχεδίου νομοθετικοῦ διατάγματος περὶ ἀνωνύμων ἑταιρειῶν. Ὁ ὑπουργὸς ἀπήντησεν εἰς τὰς παρατηρήσεις τῶν μελῶν τῆς ἐπιτροπῆς.

Ἐξηκολούθησεν εἰς τὴν ἁρμοδίαν ἐπιτροπὴν ἡ κατ' ἄρθρον συζήτησις τοῦ σχεδίου νομοθετικοῦ διατάγματος περὶ ἀνωνύμων ἑταιρειῶν. Ὁ ὑπουργὸς ἀπήντησεν εἰς τὰς παρατηρήσεις τῶν μελῶν τῆς ἐπιτροπῆς.

ΓΡΗΓΟΡΙΟΥ

Ἐξηκολούθησεν εἰς τὴν ἁρμοδίαν ἐπιτροπὴν ἡ κατ' ἄρθρον συζήτησις τοῦ σχεδίου νομοθετικοῦ διατάγματος περὶ ἀνωνύμων ἑταιρειῶν. Ὁ ὑπουργὸς ἀπήντησεν εἰς τὰς παρατηρήσεις τῶν μελῶν τῆς ἐπιτροπῆς.

Ἐξηκολούθησεν εἰς τὴν ἁρμοδίαν ἐπιτροπὴν ἡ κατ' ἄρθρον συζήτησις τοῦ σχεδίου νομοθετικοῦ διατάγματος περὶ ἀνωνύμων ἑταιρειῶν. Ὁ ὑπουργὸς ἀπήντησεν εἰς τὰς παρατηρήσεις τῶν μελῶν τῆς ἐπιτροπῆς.

ΟΙ «ΤΑΪΜΣ» ΥΠΟΓΡΑΜΜΙΖΟΥΝ ΤΗΝ ΑΝΑΓΚΗΝ ΕΚΣΥΓΧΡΟΝΙΣΜΟΥ ΤΗΣ ΒΙΟΜΗΧΑΝΙΑΣ ΜΑΣ ΩΣΤΕ ΝΑ ΚΑΤΑΣΤΗ ΔΙΕΘΝΩΣ ΣΥΝΑΓΩΝΙΣΜΟΣ

ΛΟΝΔΙΝΟΝ, 3. (Ἀθην. Πρακτ.).— Οἱ «Τάϊμς» τοῦ Λονδίνου, εἰς ἄρθρον των διὰ τὴν ἑλληνικὴν οἰκονομίαν, ὑπογραμμίζουν τὴν ἀνάγκην ἐκσυγχρονισμοῦ τῆς βιομηχανίας, ὥστε αὕτη νὰ καταστῇ διεθνῶς συναγωνίσιμος μετὰ τὴν σύνδεσιν τῆς χώρας μὲ τὴν Κοινὴν Ἀγοράν.

Οἱ «Τάϊμς» τοῦ Λονδίνου, εἰς ἄρθρον των διὰ τὴν ἑλληνικὴν οἰκονομίαν, ὑπογραμμίζουν τὴν ἀνάγκην ἐκσυγχρονισμοῦ τῆς βιομηχανίας, ὥστε αὕτη νὰ καταστῇ διεθνῶς συναγωνίσιμος μετὰ τὴν σύνδεσιν τῆς χώρας μὲ τὴν Κοινὴν Ἀγοράν.

Οἱ «Τάϊμς» τοῦ Λονδίνου, εἰς ἄρθρον των διὰ τὴν ἑλληνικὴν οἰκονομίαν, ὑπογραμμίζουν τὴν ἀνάγκην ἐκσυγχρονισμοῦ τῆς βιομηχανίας, ὥστε αὕτη νὰ καταστῇ διεθνῶς συναγωνίσιμος μετὰ τὴν σύνδεσιν τῆς χώρας μὲ τὴν Κοινὴν Ἀγοράν.
